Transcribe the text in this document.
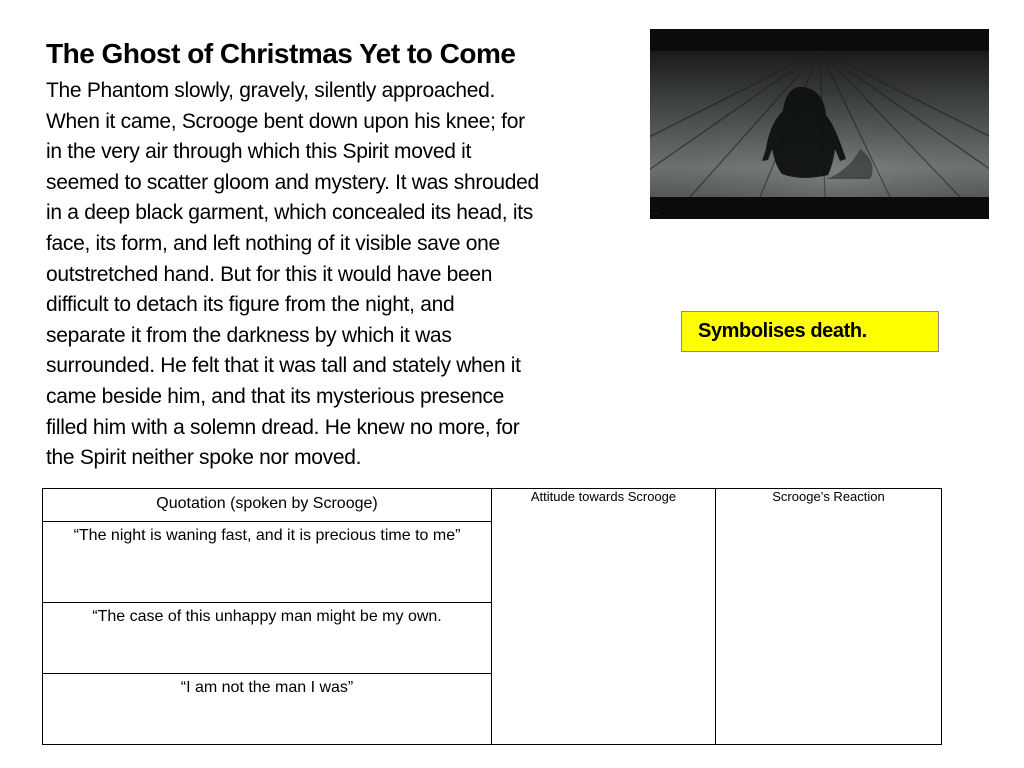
The Ghost of Christmas Yet to Come

The Phantom slowly, gravely, silently approached.
When it came, Scrooge bent down upon his knee; for
in the very air through which this Spirit moved it
seemed to scatter gloom and mystery. It was shrouded
in a deep black garment, which concealed its head, its
face, its form, and left nothing of it visible save one
outstretched hand. But for this it would have been
difficult to detach its figure from the night, and
separate it from the darkness by which it was
surrounded. He felt that it was tall and stately when it
came beside him, and that its mysterious presence
filled him with a solemn dread. He knew no more, for
the Spirit neither spoke nor moved.

·····
Symbolises death.
Quotation (spoken by Scrooge)	Attitude towards Scrooge	Scrooge’s Reaction
“The night is waning fast, and it is precious time to me”
“The case of this unhappy man might be my own.
“I am not the man I was”
